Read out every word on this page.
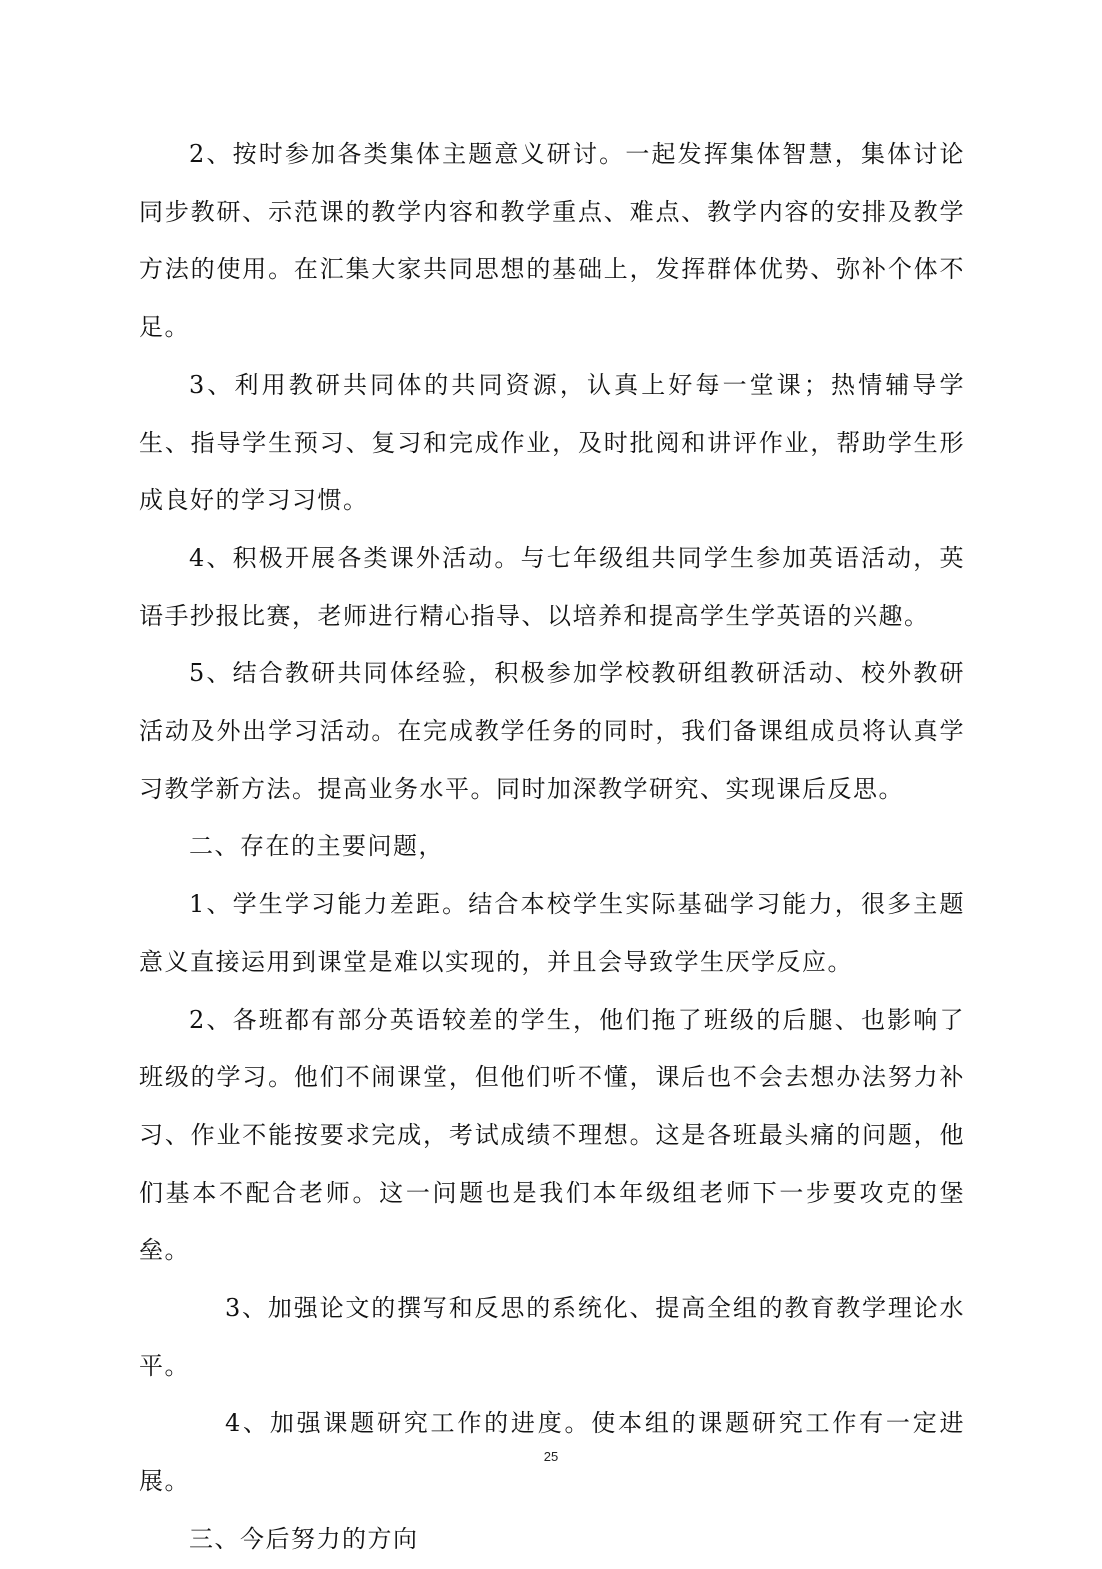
2、按时参加各类集体主题意义研讨。一起发挥集体智慧，集体讨论同步教研、示范课的教学内容和教学重点、难点、教学内容的安排及教学方法的使用。在汇集大家共同思想的基础上，发挥群体优势、弥补个体不足。

3、利用教研共同体的共同资源，认真上好每一堂课；热情辅导学生、指导学生预习、复习和完成作业，及时批阅和讲评作业，帮助学生形成良好的学习习惯。

4、积极开展各类课外活动。与七年级组共同学生参加英语活动，英语手抄报比赛，老师进行精心指导、以培养和提高学生学英语的兴趣。

5、结合教研共同体经验，积极参加学校教研组教研活动、校外教研活动及外出学习活动。在完成教学任务的同时，我们备课组成员将认真学习教学新方法。提高业务水平。同时加深教学研究、实现课后反思。

二、存在的主要问题，

1、学生学习能力差距。结合本校学生实际基础学习能力，很多主题意义直接运用到课堂是难以实现的，并且会导致学生厌学反应。

2、各班都有部分英语较差的学生，他们拖了班级的后腿、也影响了班级的学习。他们不闹课堂，但他们听不懂，课后也不会去想办法努力补习、作业不能按要求完成，考试成绩不理想。这是各班最头痛的问题，他们基本不配合老师。这一问题也是我们本年级组老师下一步要攻克的堡垒。

3、加强论文的撰写和反思的系统化、提高全组的教育教学理论水平。

4、加强课题研究工作的进度。使本组的课题研究工作有一定进展。

三、今后努力的方向

25
